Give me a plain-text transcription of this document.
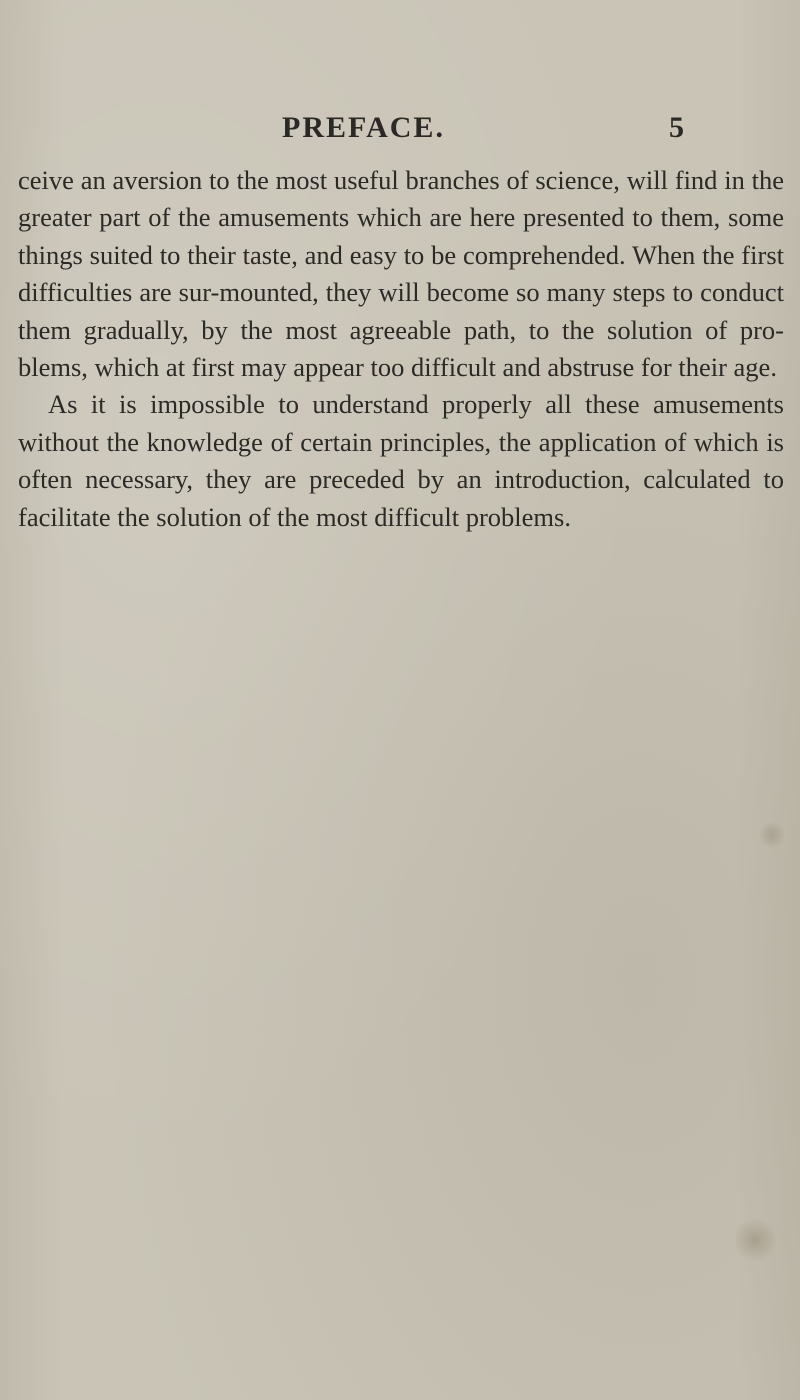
PREFACE.	5

ceive an aversion to the most useful branches of science, will find in the greater part of the amusements which are here presented to them, some things suited to their taste, and easy to be comprehended. When the first difficulties are sur-mounted, they will become so many steps to conduct them gradually, by the most agreeable path, to the solution of pro-blems, which at first may appear too difficult and abstruse for their age.

As it is impossible to understand properly all these amusements without the knowledge of certain principles, the application of which is often necessary, they are preceded by an introduction, calculated to facilitate the solution of the most difficult problems.
